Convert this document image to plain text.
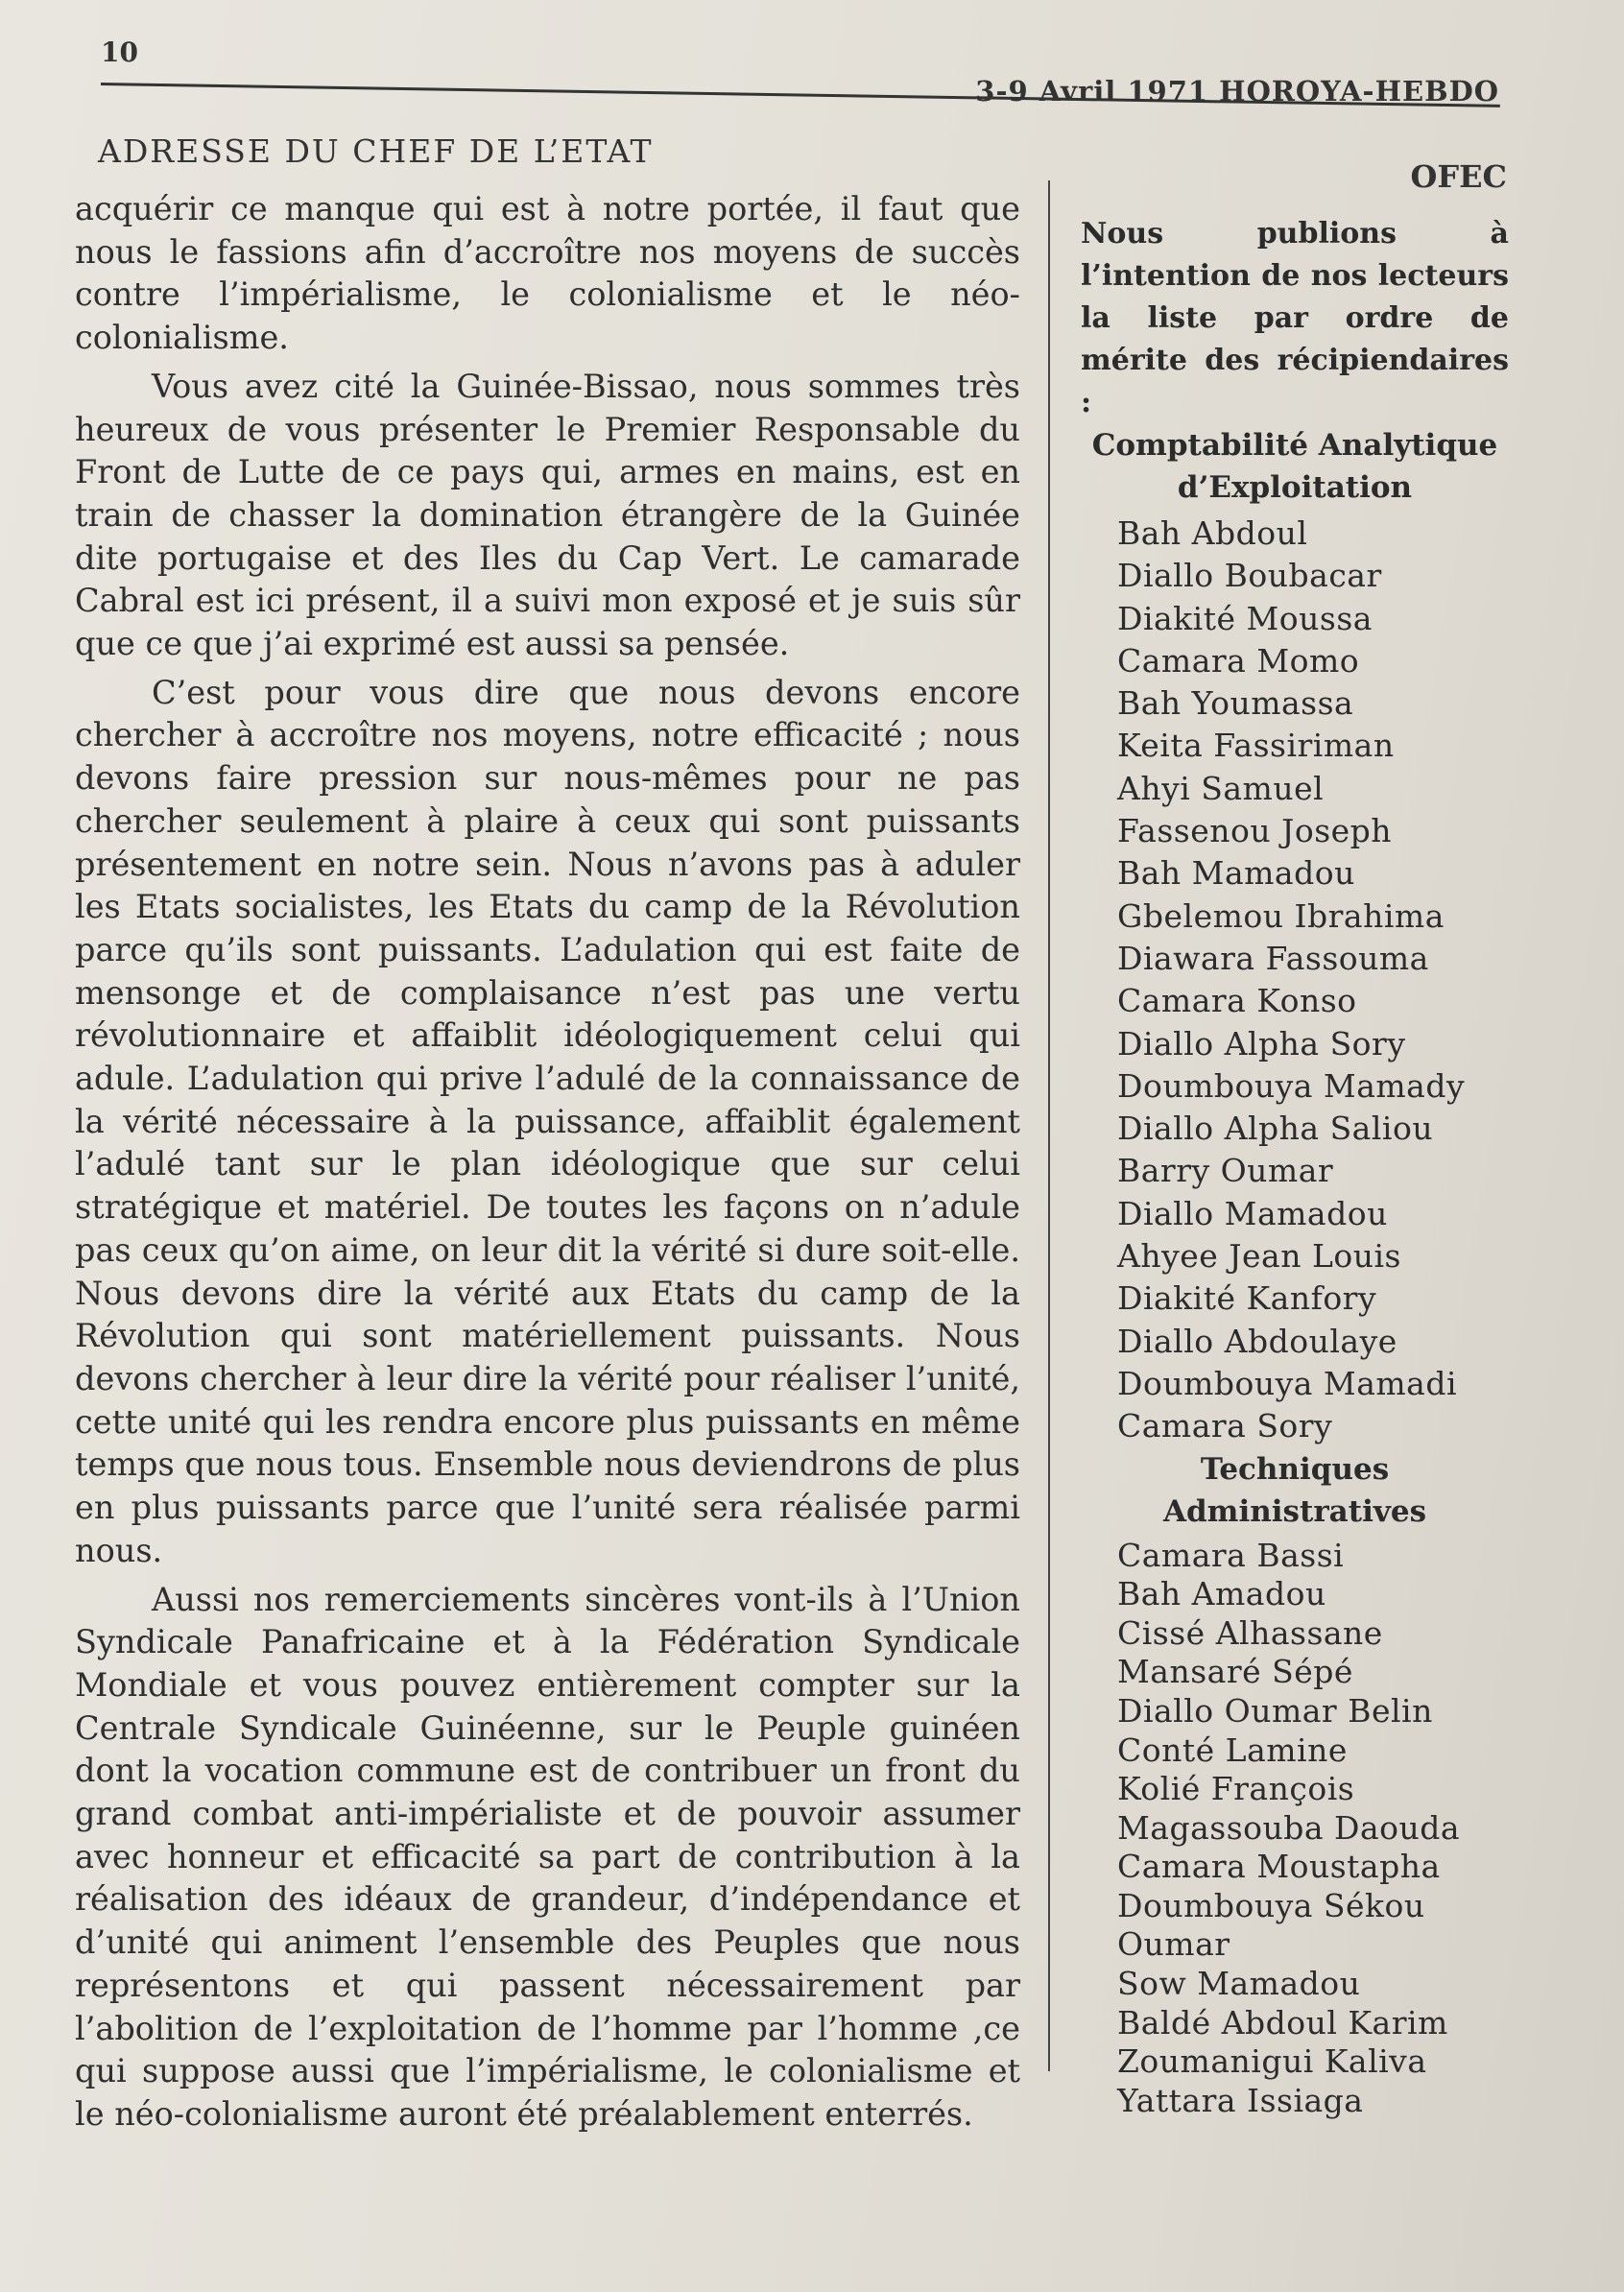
10
3-9 Avril 1971 HOROYA-HEBDO
ADRESSE DU CHEF DE L’ETAT
OFEC

acquérir ce manque qui est à notre portée, il faut que nous le fassions afin d’accroître nos moyens de succès contre l’impérialisme, le colonialisme et le néo-colonialisme.

Vous avez cité la Guinée-Bissao, nous sommes très heureux de vous présenter le Premier Responsable du Front de Lutte de ce pays qui, armes en mains, est en train de chasser la domination étrangère de la Guinée dite portugaise et des Iles du Cap Vert. Le camarade Cabral est ici présent, il a suivi mon exposé et je suis sûr que ce que j’ai exprimé est aussi sa pensée.

C’est pour vous dire que nous devons encore chercher à accroître nos moyens, notre efficacité ; nous devons faire pression sur nous-mêmes pour ne pas chercher seulement à plaire à ceux qui sont puissants présentement en notre sein. Nous n’avons pas à aduler les Etats socialistes, les Etats du camp de la Révolution parce qu’ils sont puissants. L’adulation qui est faite de mensonge et de complaisance n’est pas une vertu révolutionnaire et affaiblit idéologiquement celui qui adule. L’adulation qui prive l’adulé de la connaissance de la vérité nécessaire à la puissance, affaiblit également l’adulé tant sur le plan idéologique que sur celui stratégique et matériel. De toutes les façons on n’adule pas ceux qu’on aime, on leur dit la vérité si dure soit-elle. Nous devons dire la vérité aux Etats du camp de la Révolution qui sont matériellement puissants. Nous devons chercher à leur dire la vérité pour réaliser l’unité, cette unité qui les rendra encore plus puissants en même temps que nous tous. Ensemble nous deviendrons de plus en plus puissants parce que l’unité sera réalisée parmi nous.

Aussi nos remerciements sincères vont-ils à l’Union Syndicale Panafricaine et à la Fédération Syndicale Mondiale et vous pouvez entièrement compter sur la Centrale Syndicale Guinéenne, sur le Peuple guinéen dont la vocation commune est de contribuer un front du grand combat anti-impérialiste et de pouvoir assumer avec honneur et efficacité sa part de contribution à la réalisation des idéaux de grandeur, d’indépendance et d’unité qui animent l’ensemble des Peuples que nous représentons et qui passent nécessairement par l’abolition de l’exploitation de l’homme par l’homme ,ce qui suppose aussi que l’impérialisme, le colonialisme et le néo-colonialisme auront été préalablement enterrés.

Nous publions à l’intention de nos lecteurs la liste par ordre de mérite des récipiendaires :

Comptabilité Analytique d’Exploitation

Bah Abdoul
Diallo Boubacar
Diakité Moussa
Camara Momo
Bah Youmassa
Keita Fassiriman
Ahyi Samuel
Fassenou Joseph
Bah Mamadou
Gbelemou Ibrahima
Diawara Fassouma
Camara Konso
Diallo Alpha Sory
Doumbouya Mamady
Diallo Alpha Saliou
Barry Oumar
Diallo Mamadou
Ahyee Jean Louis
Diakité Kanfory
Diallo Abdoulaye
Doumbouya Mamadi
Camara Sory

Techniques Administratives

Camara Bassi
Bah Amadou
Cissé Alhassane
Mansaré Sépé
Diallo Oumar Belin
Conté Lamine
Kolié François
Magassouba Daouda
Camara Moustapha
Doumbouya Sékou Oumar
Sow Mamadou
Baldé Abdoul Karim
Zoumanigui Kaliva
Yattara Issiaga
